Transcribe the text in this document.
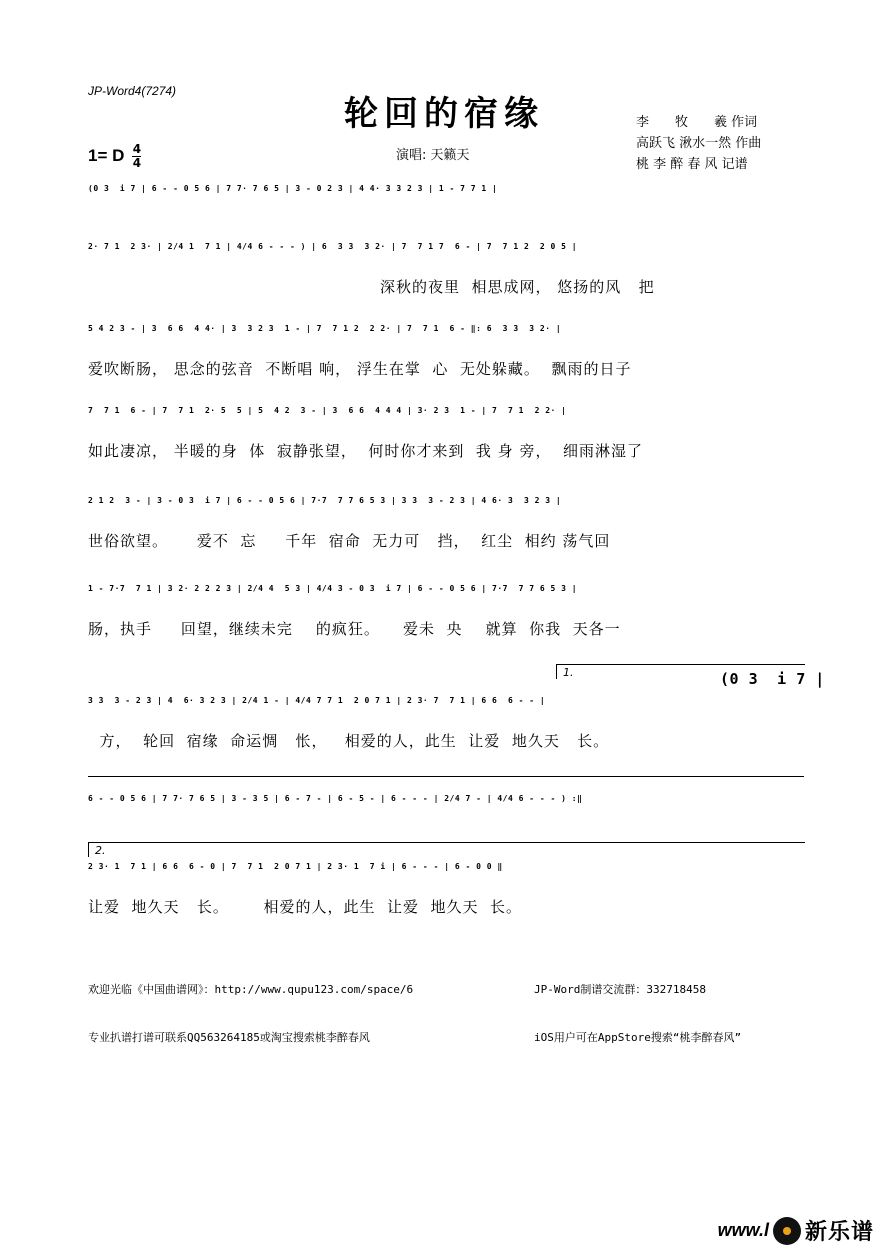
JP-Word4(7274)
轮回的宿缘
1= D $\frac{4}{4}$	演唱: 天籁天
李　　牧　　羲 作词
高跃飞 湫水一然 作曲
桃 李 醉 春 风 记谱
(0 3  i 7 | 6 - - 0 5 6 | 7 7· 7 6 5 | 3 - 0 2 3 | 4 4· 3 3 2 3 | 1 - 7 7 1 |
2· 7 1  2 3· | 2/4 1  7 1 | 4/4 6 - - - ) | 6  3 3  3 2· | 7  7 1 7  6 - | 7  7 1 2  2 0 5 |
深秋的夜里  相思成网， 悠扬的风   把
5 4 2 3 - | 3  6 6  4 4· | 3  3 2 3  1 - | 7  7 1 2  2 2· | 7  7 1  6 - ‖: 6  3 3  3 2· |
爱吹断肠， 思念的弦音  不断唱 响， 浮生在掌  心  无处躲藏。  飘雨的日子
7  7 1  6 - | 7  7 1  2· 5  5 | 5  4 2  3 - | 3  6 6  4 4 4 | 3· 2 3  1 - | 7  7 1  2 2· |
如此凄凉， 半暖的身  体  寂静张望，  何时你才来到  我 身 旁，  细雨淋湿了
2 1 2  3 - | 3 - 0 3  i 7 | 6 - - 0 5 6 | 7·7  7 7 6 5 3 | 3 3  3 - 2 3 | 4 6· 3  3 2 3 |
世俗欲望。     爱不  忘     千年  宿命  无力可   挡，  红尘  相约 荡气回
1 - 7·7  7 1 | 3 2· 2 2 2 3 | 2/4 4  5 3 | 4/4 3 - 0 3  i 7 | 6 - - 0 5 6 | 7·7  7 7 6 5 3 |
肠，执手     回望，继续未完    的疯狂。    爱未  央    就算  你我  天各一
1.	(0 3  i 7 |
3 3  3 - 2 3 | 4  6· 3 2 3 | 2/4 1 - | 4/4 7 7 1  2 0 7 1 | 2 3· 7  7 1 | 6 6  6 - - |
方，  轮回  宿缘  命运惆   怅，   相爱的人，此生  让爱  地久天   长。
6 - - 0 5 6 | 7 7· 7 6 5 | 3 - 3 5 | 6 - 7 - | 6 - 5 - | 6 - - - | 2/4 7 - | 4/4 6 - - - ) :‖
2.
2 3· 1  7 1 | 6 6  6 - 0 | 7  7 1  2 0 7 1 | 2 3· 1  7 i | 6 - - - | 6 - 0 0 ‖
让爱  地久天   长。      相爱的人，此生  让爱  地久天  长。

欢迎光临《中国曲谱网》：http://www.qupu123.com/space/6

专业扒谱打谱可联系QQ563264185或淘宝搜索桃李醉春风

JP-Word制谱交流群：332718458

iOS用户可在AppStore搜索“桃李醉春风”

www.l 新乐谱
